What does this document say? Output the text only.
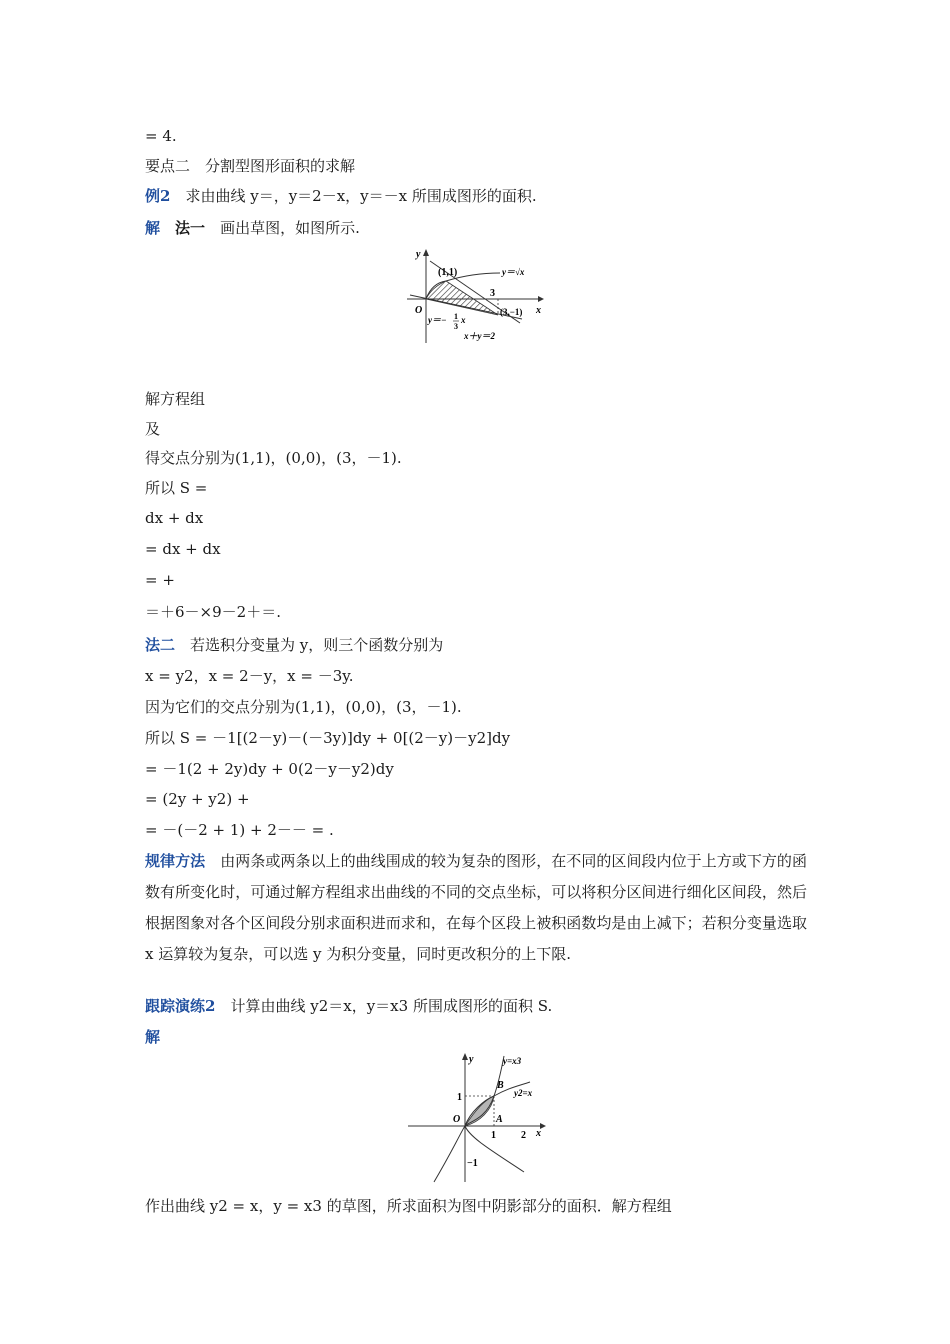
= 4.
要点二　分割型图形面积的求解
例2　 求由曲线 y＝，y＝2－x，y＝－x 所围成图形的面积.
解　 法一　 画出草图，如图所示.
y
x
O
(1,1)
3
(3,−1)
y＝√x
y＝− 1
3
x
x＋y＝2
解方程组
及
得交点分别为(1,1)，(0,0)，(3，－1).
所以 S =
dx + dx
= dx + dx
= +
＝＋6－×9－2＋＝.
法二　 若选积分变量为 y，则三个函数分别为
x = y2，x = 2－y，x = －3y.
因为它们的交点分别为(1,1)，(0,0)，(3，－1).
所以 S = －1[(2－y)－(－3y)]dy + 0[(2－y)－y2]dy
= －1(2 + 2y)dy + 0(2－y－y2)dy
= (2y + y2) +
= －(－2 + 1) + 2－－ = .
规律方法　 由两条或两条以上的曲线围成的较为复杂的图形，在不同的区间段内位于上方或下方的函数有所变化时，可通过解方程组求出曲线的不同的交点坐标，可以将积分区间进行细化区间段，然后根据图象对各个区间段分别求面积进而求和，在每个区段上被积函数均是由上减下；若积分变量选取 x 运算较为复杂，可以选 y 为积分变量，同时更改积分的上下限.
跟踪演练2　 计算由曲线 y2＝x，y＝x3 所围成图形的面积 S.
解
y
x
O
y=x3
y2=x
B
A
1	2
1
−1
作出曲线 y2 = x，y = x3 的草图，所求面积为图中阴影部分的面积．解方程组
